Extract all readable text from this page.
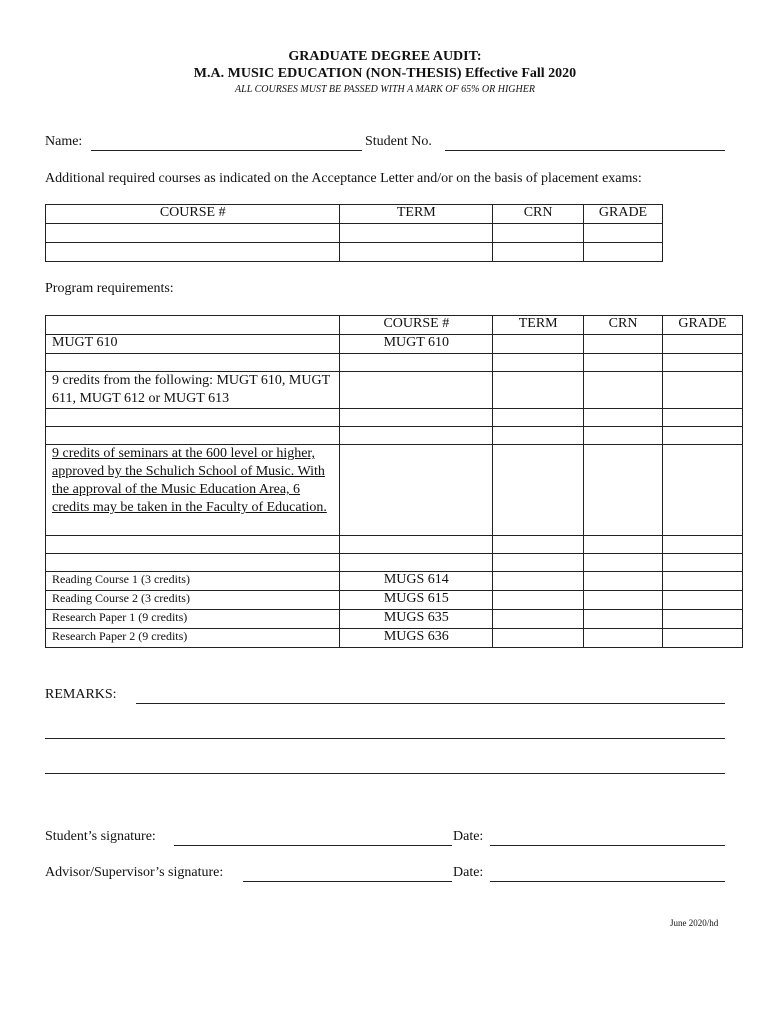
GRADUATE DEGREE AUDIT:
M.A. MUSIC EDUCATION (NON-THESIS) Effective Fall 2020
ALL COURSES MUST BE PASSED WITH A MARK OF 65% OR HIGHER
Name:	Student No.
Additional required courses as indicated on the Acceptance Letter and/or on the basis of placement exams:
COURSE #	TERM	CRN	GRADE

Program requirements:
	COURSE #	TERM	CRN	GRADE
MUGT 610	MUGT 610			

9 credits from the following: MUGT 610, MUGT 611, MUGT 612 or MUGT 613				

9 credits of seminars at the 600 level or higher, approved by the Schulich School of Music. With the approval of the Music Education Area, 6 credits may be taken in the Faculty of Education.				

Reading Course 1 (3 credits)	MUGS 614			
Reading Course 2 (3 credits)	MUGS 615			
Research Paper 1 (9 credits)	MUGS 635			
Research Paper 2 (9 credits)	MUGS 636			
REMARKS:
Student’s signature:	Date:
Advisor/Supervisor’s signature:	Date:
June 2020/hd
